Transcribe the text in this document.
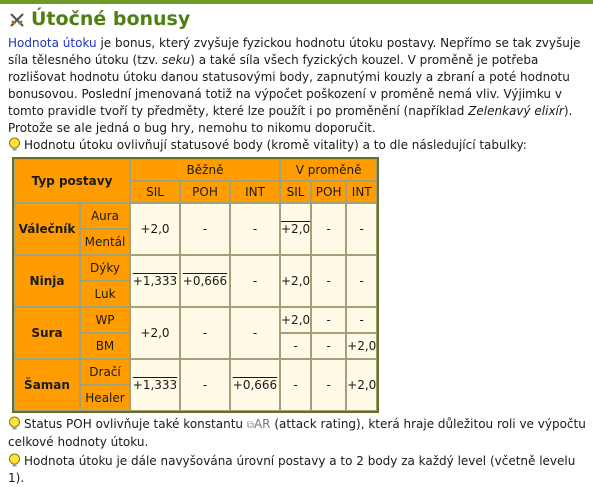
Útočné bonusy
Hodnota útoku je bonus, který zvyšuje fyzickou hodnotu útoku postavy. Nepřímo se tak zvyšuje síla tělesného útoku (tzv. seku) a také síla všech fyzických kouzel. V proměně je potřeba rozlišovat hodnotu útoku danou statusovými body, zapnutými kouzly a zbraní a poté hodnotu bonusovou. Poslední jmenovaná totiž na výpočet poškození v proměně nemá vliv. Výjimku v tomto pravidle tvoří ty předměty, které lze použít i po proměnění (například Zelenkavý elixír). Protože se ale jedná o bug hry, nemohu to nikomu doporučit.
Hodnotu útoku ovlivňují statusové body (kromě vitality) a to dle následující tabulky:
Typ postavy		Běžně			V proměně		
		SIL	POH	INT	SIL	POH	INT
Válečník	Aura	+2,0	-	-	+2,0	-	-
	Mentál						
Ninja	Dýky	+1,333	+0,666	-	+2,0	-	-
	Luk						
Sura	WP	+2,0	-	-	+2,0	-	-
	BM				-	-	+2,0
Šaman	Dračí	+1,333	-	+0,666	-	-	+2,0
	Healer						
Status POH ovlivňuje také konstantu ⧉AR (attack rating), která hraje důležitou roli ve výpočtu celkové hodnoty útoku.
Hodnota útoku je dále navyšována úrovní postavy a to 2 body za každý level (včetně levelu 1).
